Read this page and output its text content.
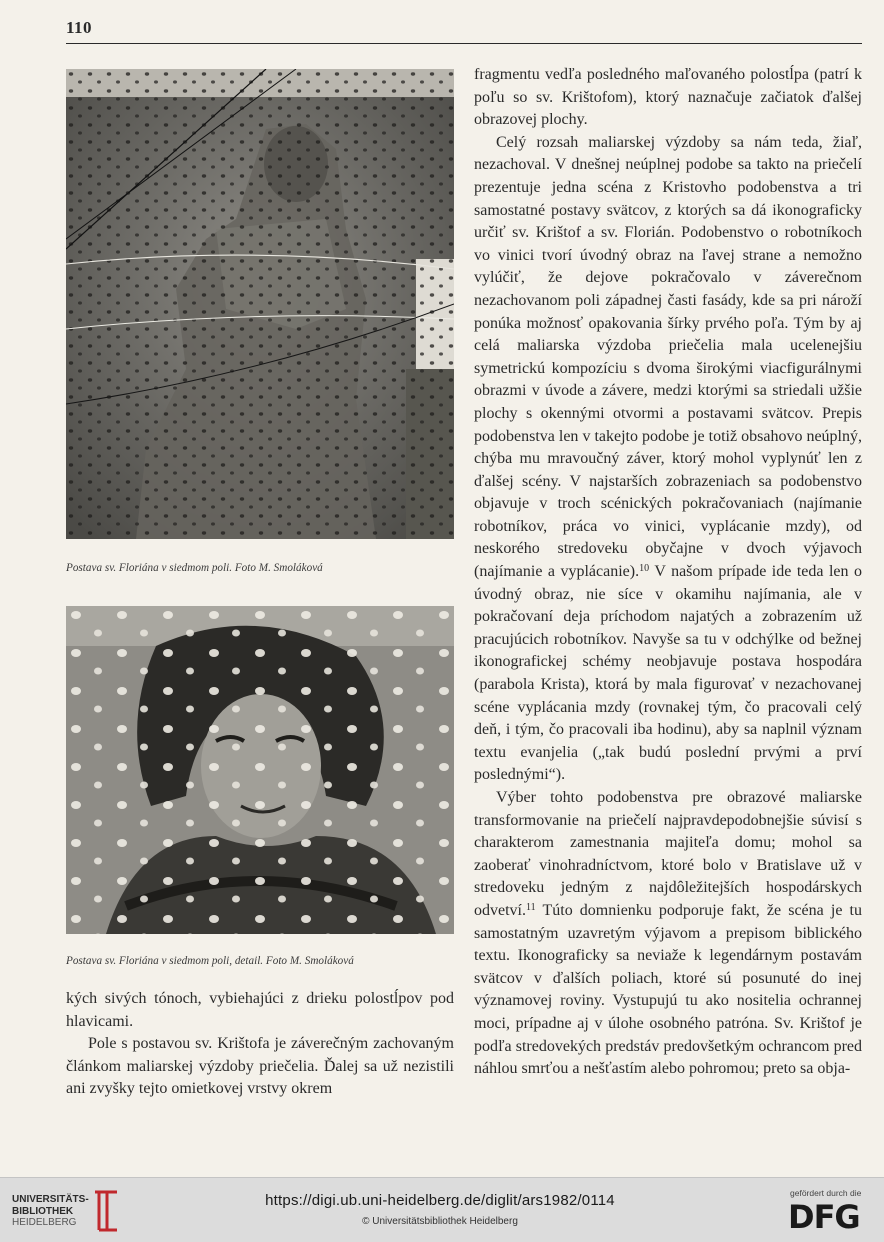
110
Postava sv. Floriána v siedmom poli. Foto M. Smoláková
Postava sv. Floriána v siedmom poli, detail. Foto M. Smoláková

kých sivých tónoch, vybiehajúci z drieku polostĺpov pod hlavicami.

Pole s postavou sv. Krištofa je záverečným zachovaným článkom maliarskej výzdoby priečelia. Ďalej sa už nezistili ani zvyšky tejto omietkovej vrstvy okrem

fragmentu vedľa posledného maľovaného polostĺpa (patrí k poľu so sv. Krištofom), ktorý naznačuje začiatok ďalšej obrazovej plochy.

Celý rozsah maliarskej výzdoby sa nám teda, žiaľ, nezachoval. V dnešnej neúplnej podobe sa takto na priečelí prezentuje jedna scéna z Kristovho podobenstva a tri samostatné postavy svätcov, z ktorých sa dá ikonograficky určiť sv. Krištof a sv. Florián. Podobenstvo o robotníkoch vo vinici tvorí úvodný obraz na ľavej strane a nemožno vylúčiť, že dejove pokračovalo v záverečnom nezachovanom poli západnej časti fasády, kde sa pri nároží ponúka možnosť opakovania šírky prvého poľa. Tým by aj celá maliarska výzdoba priečelia mala ucelenejšiu symetrickú kompozíciu s dvoma širokými viacfigurálnymi obrazmi v úvode a závere, medzi ktorými sa striedali užšie plochy s okennými otvormi a postavami svätcov. Prepis podobenstva len v takejto podobe je totiž obsahovo neúplný, chýba mu mravoučný záver, ktorý mohol vyplynúť len z ďalšej scény. V najstarších zobrazeniach sa podobenstvo objavuje v troch scénických pokračovaniach (najímanie robotníkov, práca vo vinici, vyplácanie mzdy), od neskorého stredoveku obyčajne v dvoch výjavoch (najímanie a vyplácanie).$^{10}$ V našom prípade ide teda len o úvodný obraz, nie síce v okamihu najímania, ale v pokračovaní deja príchodom najatých a zobrazením už pracujúcich robotníkov. Navyše sa tu v odchýlke od bežnej ikonografickej schémy neobjavuje postava hospodára (parabola Krista), ktorá by mala figurovať v nezachovanej scéne vyplácania mzdy (rovnakej tým, čo pracovali celý deň, i tým, čo pracovali iba hodinu), aby sa naplnil význam textu evanjelia („tak budú poslední prvými a prví poslednými“).

Výber tohto podobenstva pre obrazové maliarske transformovanie na priečelí najpravdepodobnejšie súvisí s charakterom zamestnania majiteľa domu; mohol sa zaoberať vinohradníctvom, ktoré bolo v Bratislave už v stredoveku jedným z najdôležitejších hospodárskych odvetví.$^{11}$ Túto domnienku podporuje fakt, že scéna je tu samostatným uzavretým výjavom a prepisom biblického textu. Ikonograficky sa neviaže k legendárnym postavám svätcov v ďalších poliach, ktoré sú posunuté do inej významovej roviny. Vystupujú tu ako nositelia ochrannej moci, prípadne aj v úlohe osobného patróna. Sv. Krištof je podľa stredovekých predstáv predovšetkým ochrancom pred náhlou smrťou a nešťastím alebo pohromou; preto sa obja-

UNIVERSITÄTS-
BIBLIOTHEK
HEIDELBERG
https://digi.ub.uni-heidelberg.de/diglit/ars1982/0114
© Universitätsbibliothek Heidelberg
gefördert durch die
DFG
